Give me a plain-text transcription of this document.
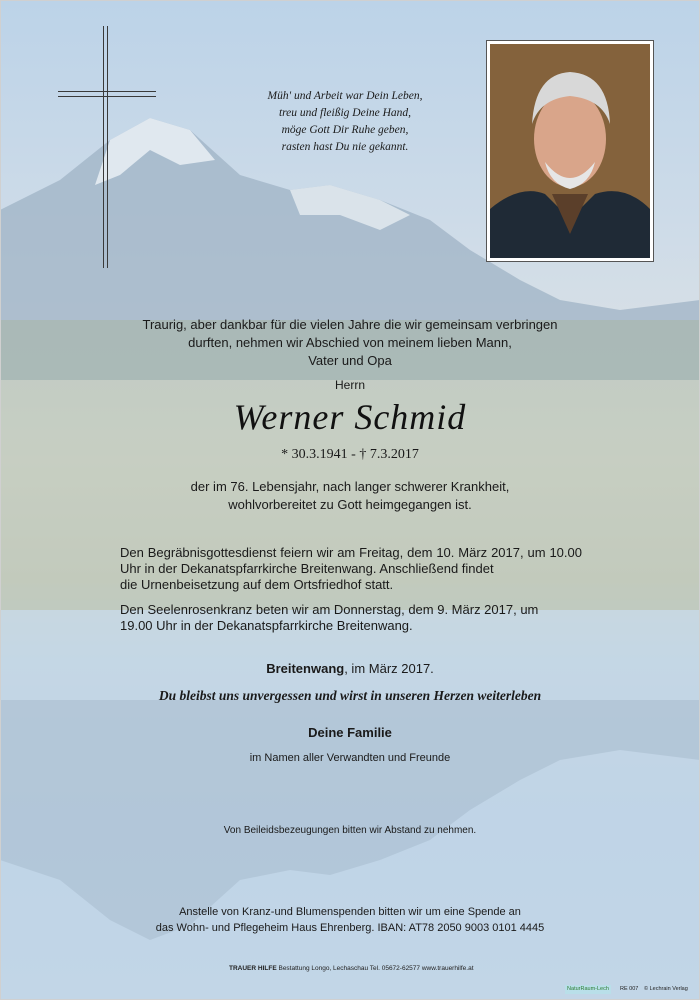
Müh' und Arbeit war Dein Leben,
treu und fleißig Deine Hand,
möge Gott Dir Ruhe geben,
rasten hast Du nie gekannt.
Traurig, aber dankbar für die vielen Jahre die wir gemeinsam verbringen
durften, nehmen wir Abschied von meinem lieben Mann,
Vater und Opa
Herrn
Werner Schmid
* 30.3.1941 - † 7.3.2017
der im 76. Lebensjahr, nach langer schwerer Krankheit,
wohlvorbereitet zu Gott heimgegangen ist.
Den Begräbnisgottesdienst feiern wir am Freitag, dem 10. März 2017, um 10.00 Uhr in der Dekanatspfarrkirche Breitenwang. Anschließend findet
die Urnenbeisetzung auf dem Ortsfriedhof statt.
Den Seelenrosenkranz beten wir am Donnerstag, dem 9. März 2017, um
19.00 Uhr in der Dekanatspfarrkirche Breitenwang.
Breitenwang, im März 2017.
Du bleibst uns unvergessen und wirst in unseren Herzen weiterleben
Deine Familie
im Namen aller Verwandten und Freunde
Von Beileidsbezeugungen bitten wir Abstand zu nehmen.
Anstelle von Kranz-und Blumenspenden bitten wir um eine Spende an
das Wohn- und Pflegeheim Haus Ehrenberg. IBAN: AT78 2050 9003 0101 4445
TRAUER HILFE Bestattung Longo, Lechaschau Tel. 05672-62577 www.trauerhilfe.at
NaturRaum-Lech	RE 007 © Lechrain Verlag
